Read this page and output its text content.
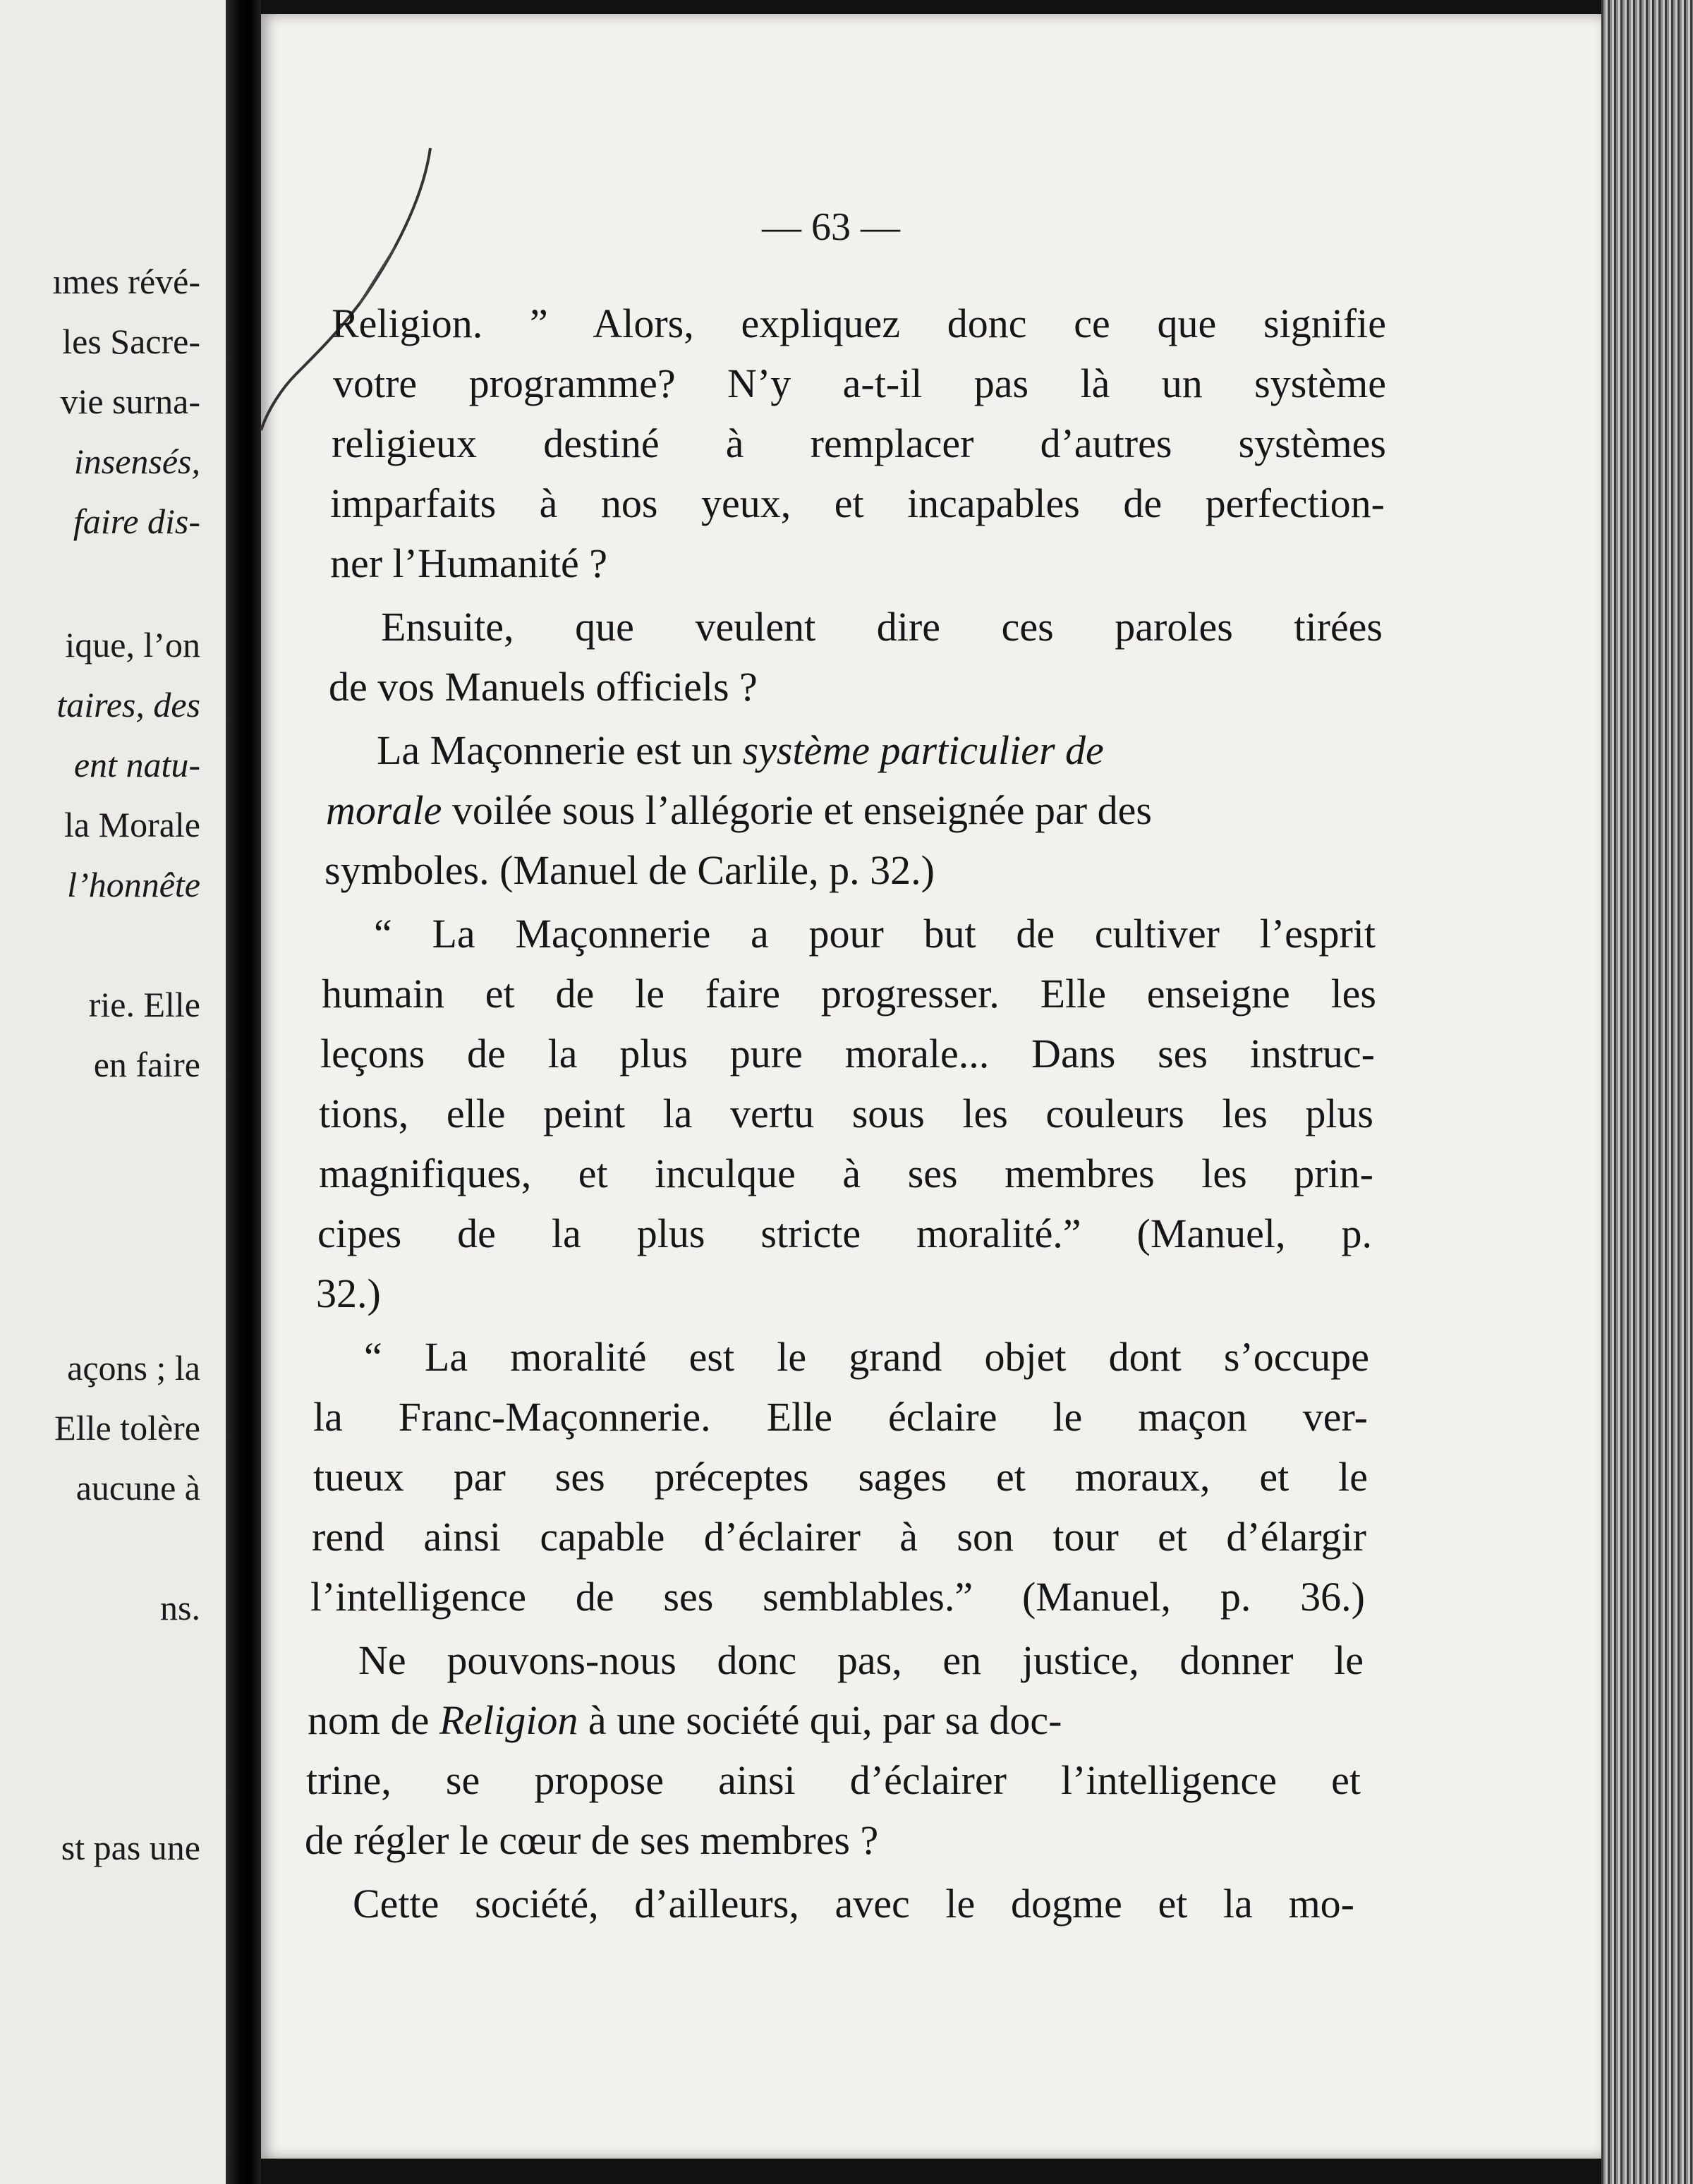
ımes révé-
les Sacre-
vie surna-
insensés,
faire dis-
ique, l’on
taires, des
ent natu-
la Morale
l’honnête
rie. Elle
en faire
açons ; la
Elle tolère
aucune à
ns.
st pas une
— 63 —
Religion. ” Alors, expliquez donc ce que signifie
votre programme? N’y a-t-il pas là un système
religieux destiné à remplacer d’autres systèmes
imparfaits à nos yeux, et incapables de perfection-
ner l’Humanité ?
Ensuite, que veulent dire ces paroles tirées
de vos Manuels officiels ?
La Maçonnerie est un système particulier de
morale voilée sous l’allégorie et enseignée par des
symboles. (Manuel de Carlile, p. 32.)
“ La Maçonnerie a pour but de cultiver l’esprit
humain et de le faire progresser. Elle enseigne les
leçons de la plus pure morale... Dans ses instruc-
tions, elle peint la vertu sous les couleurs les plus
magnifiques, et inculque à ses membres les prin-
cipes de la plus stricte moralité.” (Manuel, p.
32.)
“ La moralité est le grand objet dont s’occupe
la Franc-Maçonnerie. Elle éclaire le maçon ver-
tueux par ses préceptes sages et moraux, et le
rend ainsi capable d’éclairer à son tour et d’élargir
l’intelligence de ses semblables.” (Manuel, p. 36.)
Ne pouvons-nous donc pas, en justice, donner le
nom de Religion à une société qui, par sa doc-
trine, se propose ainsi d’éclairer l’intelligence et
de régler le cœur de ses membres ?
Cette société, d’ailleurs, avec le dogme et la mo-
